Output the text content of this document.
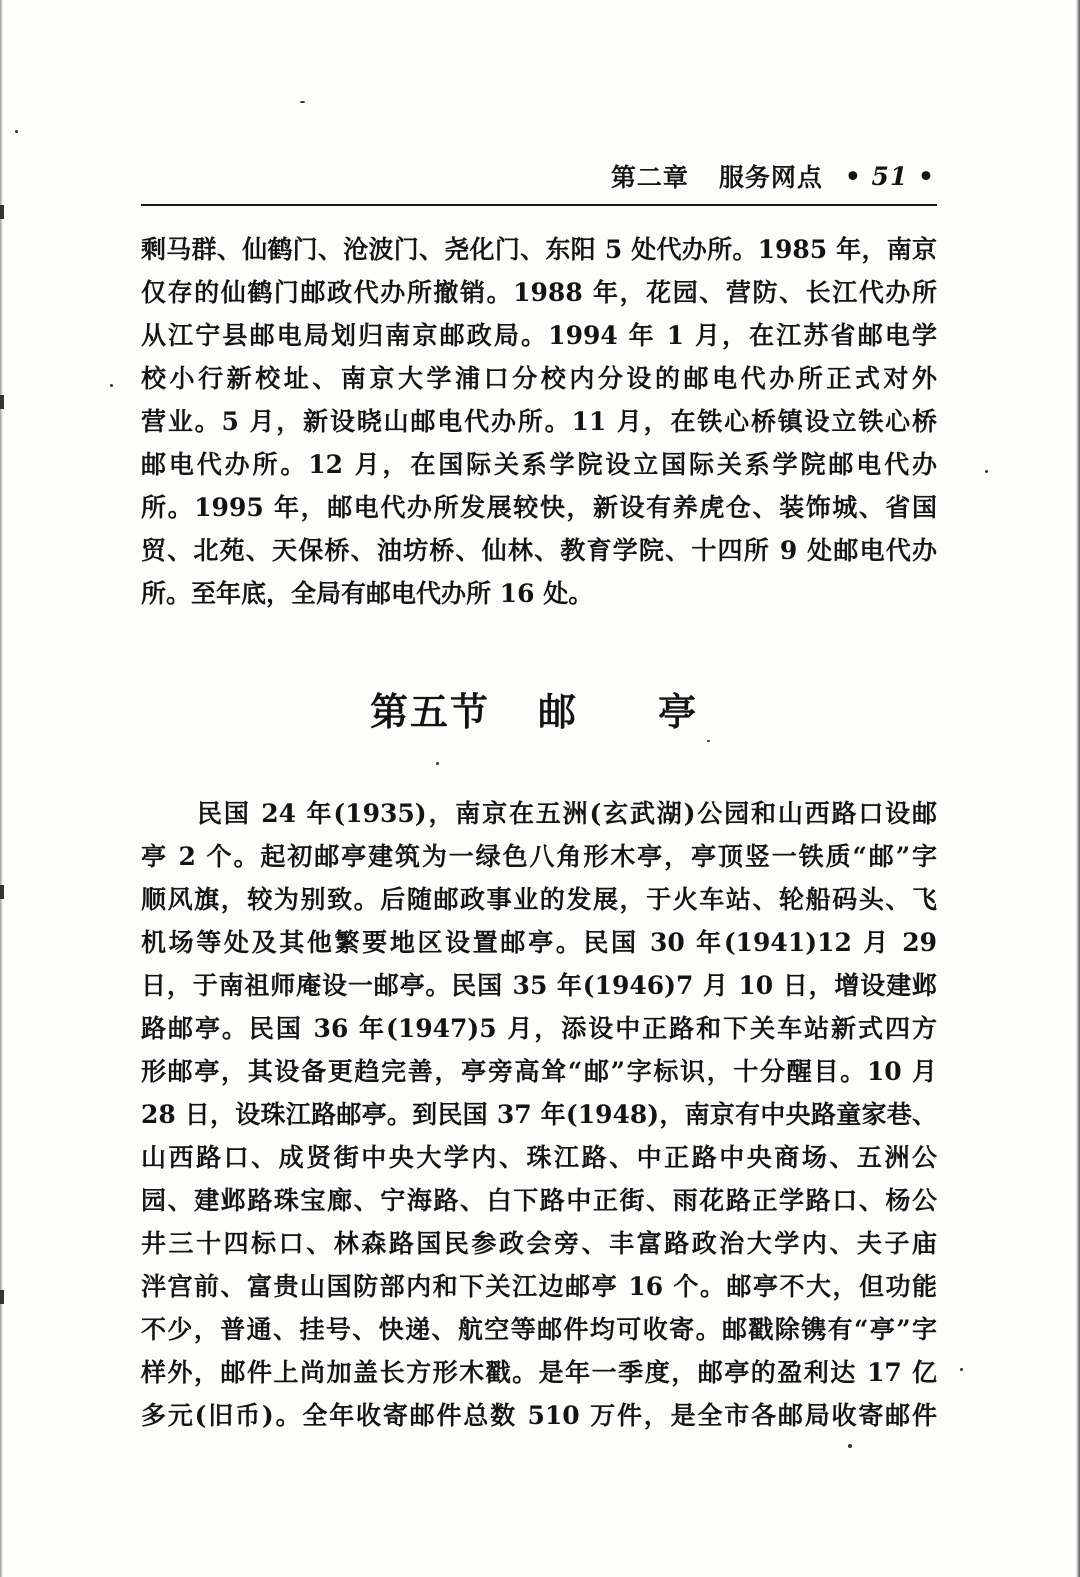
第二章 服务网点 • 51 •
剩马群、仙鹤门、沧波门、尧化门、东阳 5 处代办所。1985 年，南京
仅存的仙鹤门邮政代办所撤销。1988 年，花园、营防、长江代办所
从江宁县邮电局划归南京邮政局。1994 年 1 月，在江苏省邮电学
校小行新校址、南京大学浦口分校内分设的邮电代办所正式对外
营业。5 月，新设晓山邮电代办所。11 月，在铁心桥镇设立铁心桥
邮电代办所。12 月，在国际关系学院设立国际关系学院邮电代办
所。1995 年，邮电代办所发展较快，新设有养虎仓、装饰城、省国
贸、北苑、天保桥、油坊桥、仙林、教育学院、十四所 9 处邮电代办
所。至年底，全局有邮电代办所 16 处。
第五节 邮 亭
民国 24 年(1935)，南京在五洲(玄武湖)公园和山西路口设邮
亭 2 个。起初邮亭建筑为一绿色八角形木亭，亭顶竖一铁质“邮”字
顺风旗，较为别致。后随邮政事业的发展，于火车站、轮船码头、飞
机场等处及其他繁要地区设置邮亭。民国 30 年(1941)12 月 29
日，于南祖师庵设一邮亭。民国 35 年(1946)7 月 10 日，增设建邺
路邮亭。民国 36 年(1947)5 月，添设中正路和下关车站新式四方
形邮亭，其设备更趋完善，亭旁高耸“邮”字标识，十分醒目。10 月
28 日，设珠江路邮亭。到民国 37 年(1948)，南京有中央路童家巷、
山西路口、成贤街中央大学内、珠江路、中正路中央商场、五洲公
园、建邺路珠宝廊、宁海路、白下路中正街、雨花路正学路口、杨公
井三十四标口、林森路国民参政会旁、丰富路政治大学内、夫子庙
泮宫前、富贵山国防部内和下关江边邮亭 16 个。邮亭不大，但功能
不少，普通、挂号、快递、航空等邮件均可收寄。邮戳除镌有“亭”字
样外，邮件上尚加盖长方形木戳。是年一季度，邮亭的盈利达 17 亿
多元(旧币)。全年收寄邮件总数 510 万件，是全市各邮局收寄邮件
